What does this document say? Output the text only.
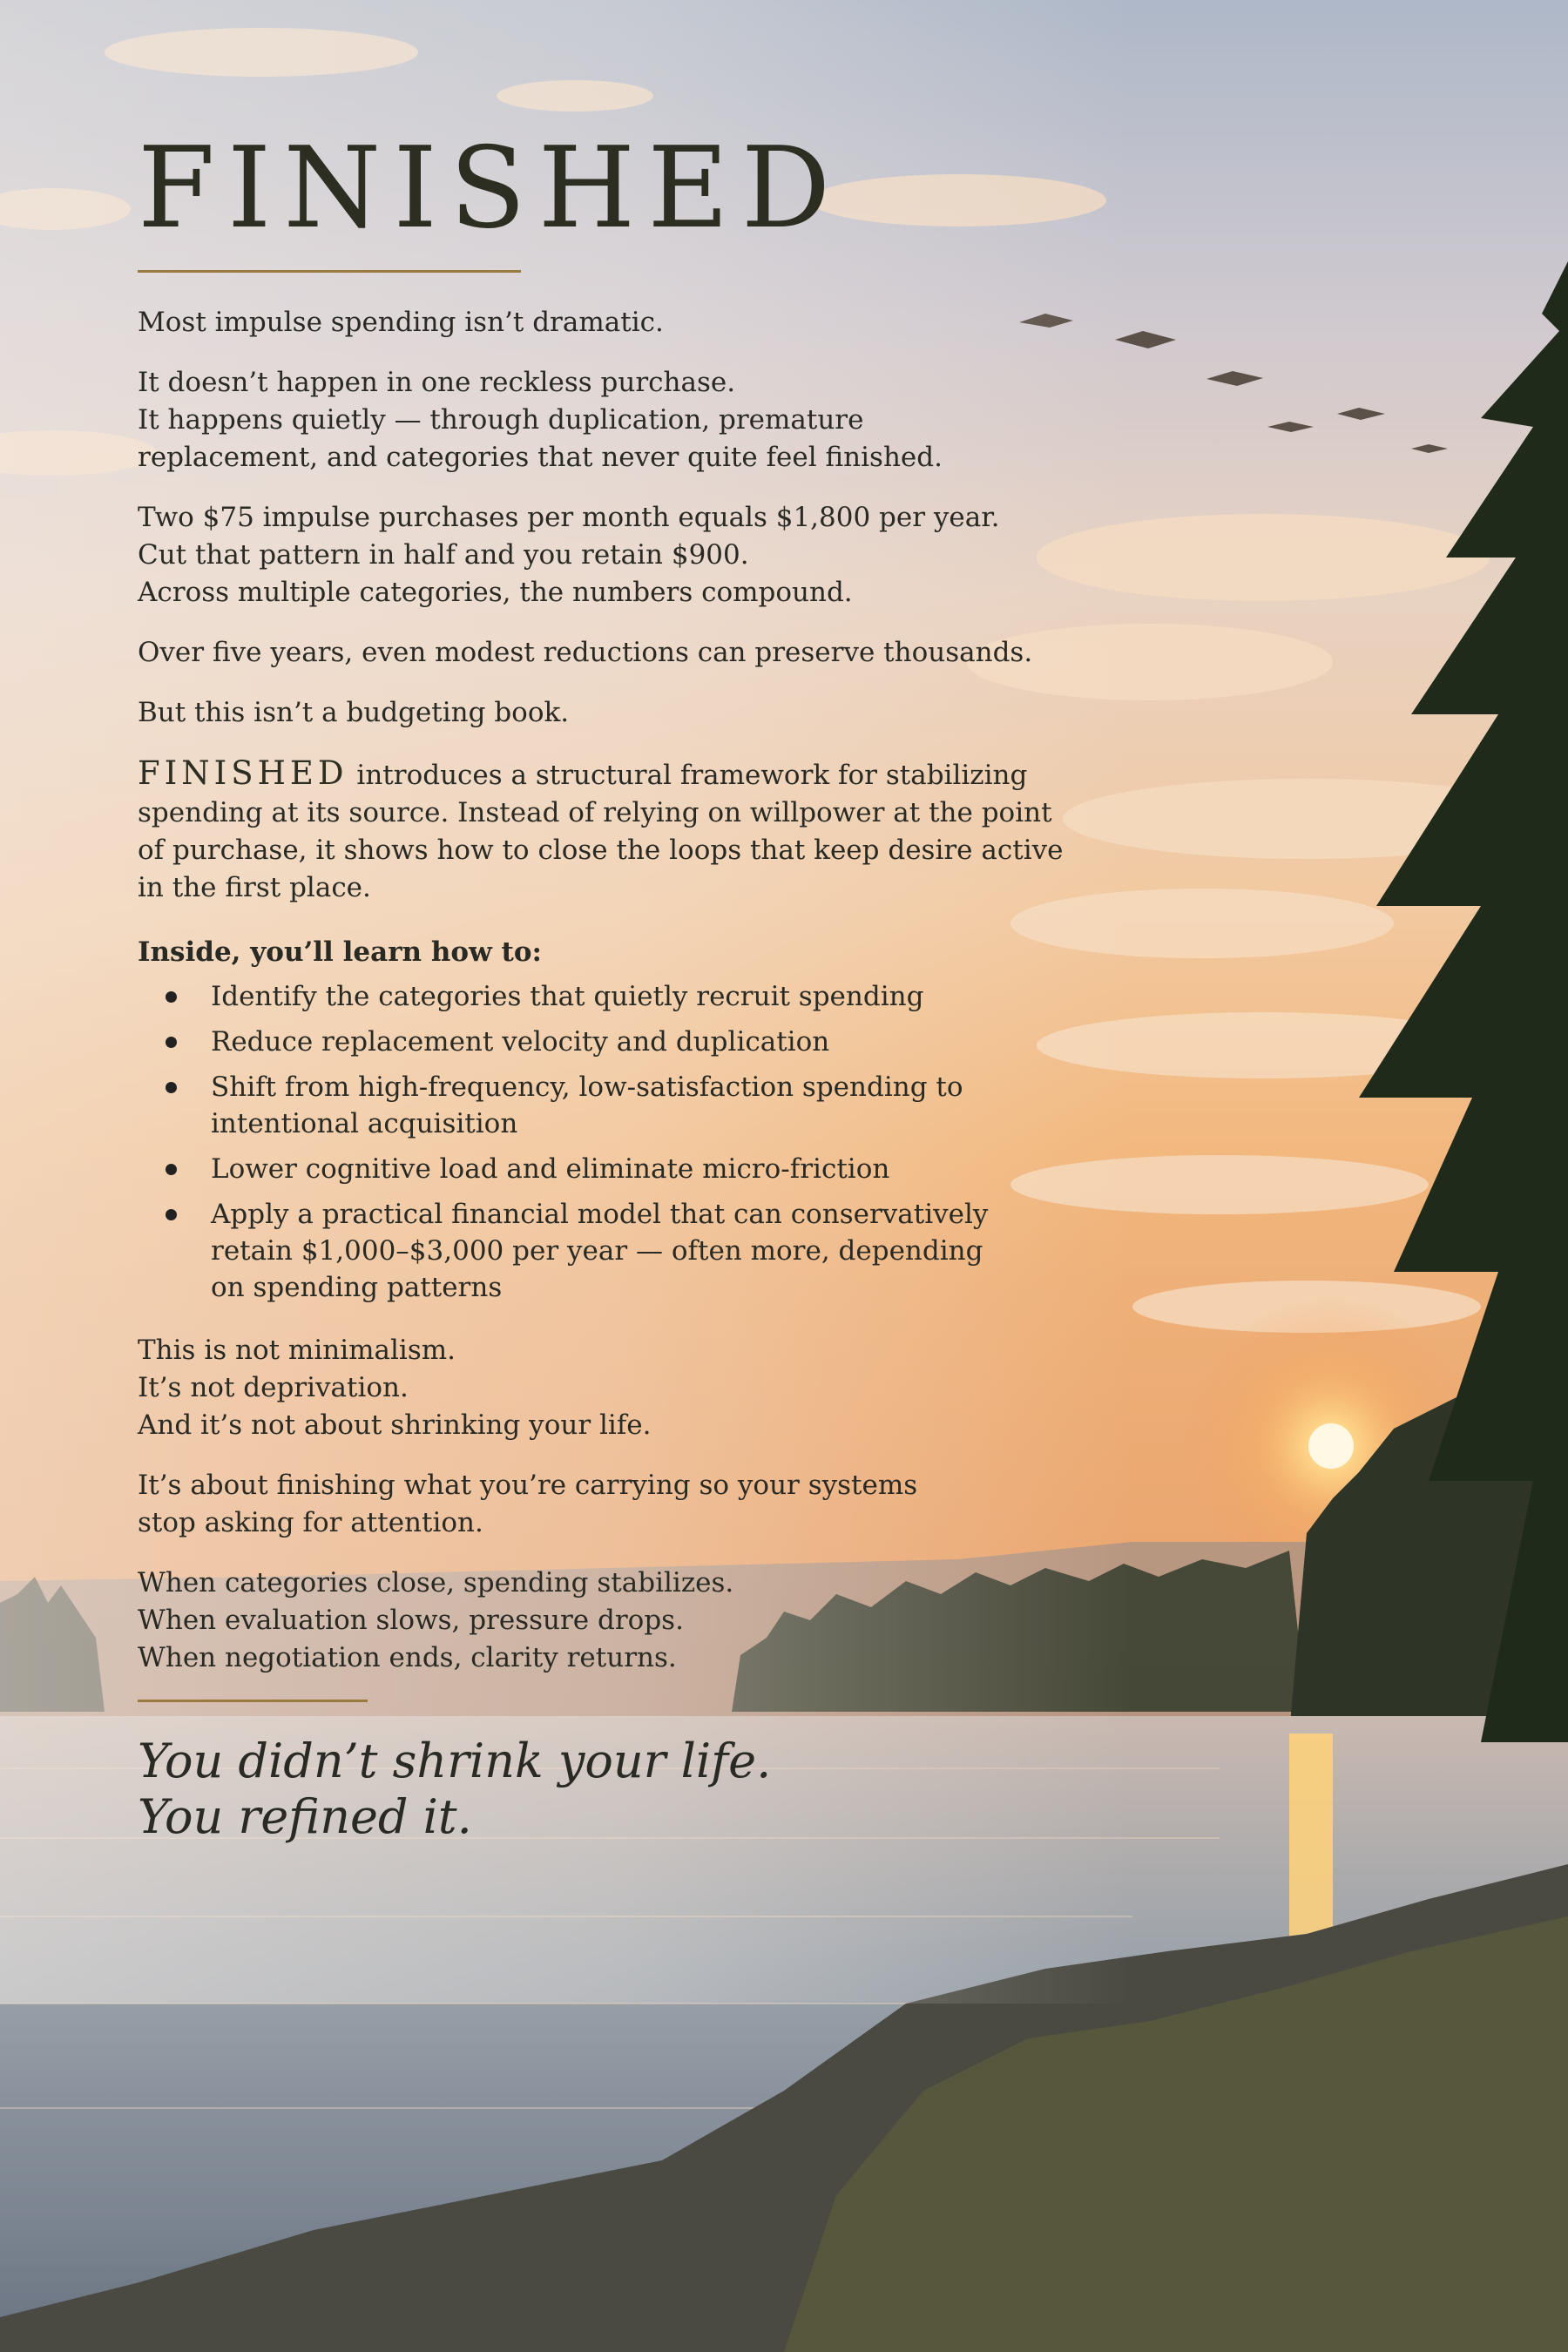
FINISHED

Most impulse spending isn’t dramatic.

It doesn’t happen in one reckless purchase.
It happens quietly — through duplication, premature
replacement, and categories that never quite feel finished.

Two $75 impulse purchases per month equals $1,800 per year.
Cut that pattern in half and you retain $900.
Across multiple categories, the numbers compound.

Over five years, even modest reductions can preserve thousands.

But this isn’t a budgeting book.

FINISHED introduces a structural framework for stabilizing
spending at its source. Instead of relying on willpower at the point
of purchase, it shows how to close the loops that keep desire active
in the first place.

Inside, you’ll learn how to:
Identify the categories that quietly recruit spending
Reduce replacement velocity and duplication
Shift from high-frequency, low-satisfaction spending to
intentional acquisition
Lower cognitive load and eliminate micro-friction
Apply a practical financial model that can conservatively
retain $1,000–$3,000 per year — often more, depending
on spending patterns

This is not minimalism.
It’s not deprivation.
And it’s not about shrinking your life.

It’s about finishing what you’re carrying so your systems
stop asking for attention.

When categories close, spending stabilizes.
When evaluation slows, pressure drops.
When negotiation ends, clarity returns.

You didn’t shrink your life.
You refined it.
